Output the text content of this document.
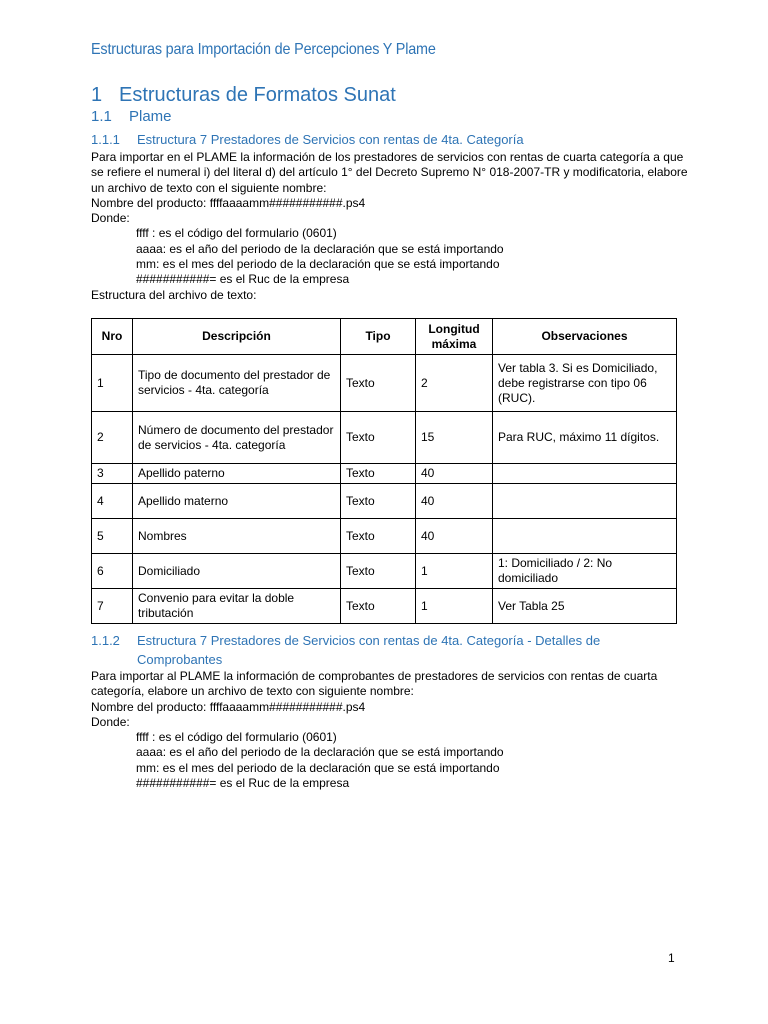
Estructuras para Importación de Percepciones Y Plame
1 Estructuras de Formatos Sunat
1.1 Plame
1.1.1 Estructura 7 Prestadores de Servicios con rentas de 4ta. Categoría

Para importar en el PLAME la información de los prestadores de servicios con rentas de cuarta categoría a que

se refiere el numeral i) del literal d) del artículo 1° del Decreto Supremo N° 018-2007-TR y modificatoria, elabore

un archivo de texto con el siguiente nombre:

Nombre del producto: ffffaaaamm###########.ps4

Donde:

ffff : es el código del formulario (0601)

aaaa: es el año del periodo de la declaración que se está importando

mm: es el mes del periodo de la declaración que se está importando

###########= es el Ruc de la empresa

Estructura del archivo de texto:

Nro	Descripción	Tipo	Longitud máxima	Observaciones
1	Tipo de documento del prestador de servicios - 4ta. categoría	Texto	2	Ver tabla 3. Si es Domiciliado, debe registrarse con tipo 06 (RUC).
2	Número de documento del prestador de servicios - 4ta. categoría	Texto	15	Para RUC, máximo 11 dígitos.
3	Apellido paterno	Texto	40	
4	Apellido materno	Texto	40	
5	Nombres	Texto	40	
6	Domiciliado	Texto	1	1: Domiciliado / 2: No domiciliado
7	Convenio para evitar la doble tributación	Texto	1	Ver Tabla 25
1.1.2 Estructura 7 Prestadores de Servicios con rentas de 4ta. Categoría - Detalles de
Comprobantes

Para importar al PLAME la información de comprobantes de prestadores de servicios con rentas de cuarta

categoría, elabore un archivo de texto con siguiente nombre:

Nombre del producto: ffffaaaamm###########.ps4

Donde:

ffff : es el código del formulario (0601)

aaaa: es el año del periodo de la declaración que se está importando

mm: es el mes del periodo de la declaración que se está importando

###########= es el Ruc de la empresa

1
